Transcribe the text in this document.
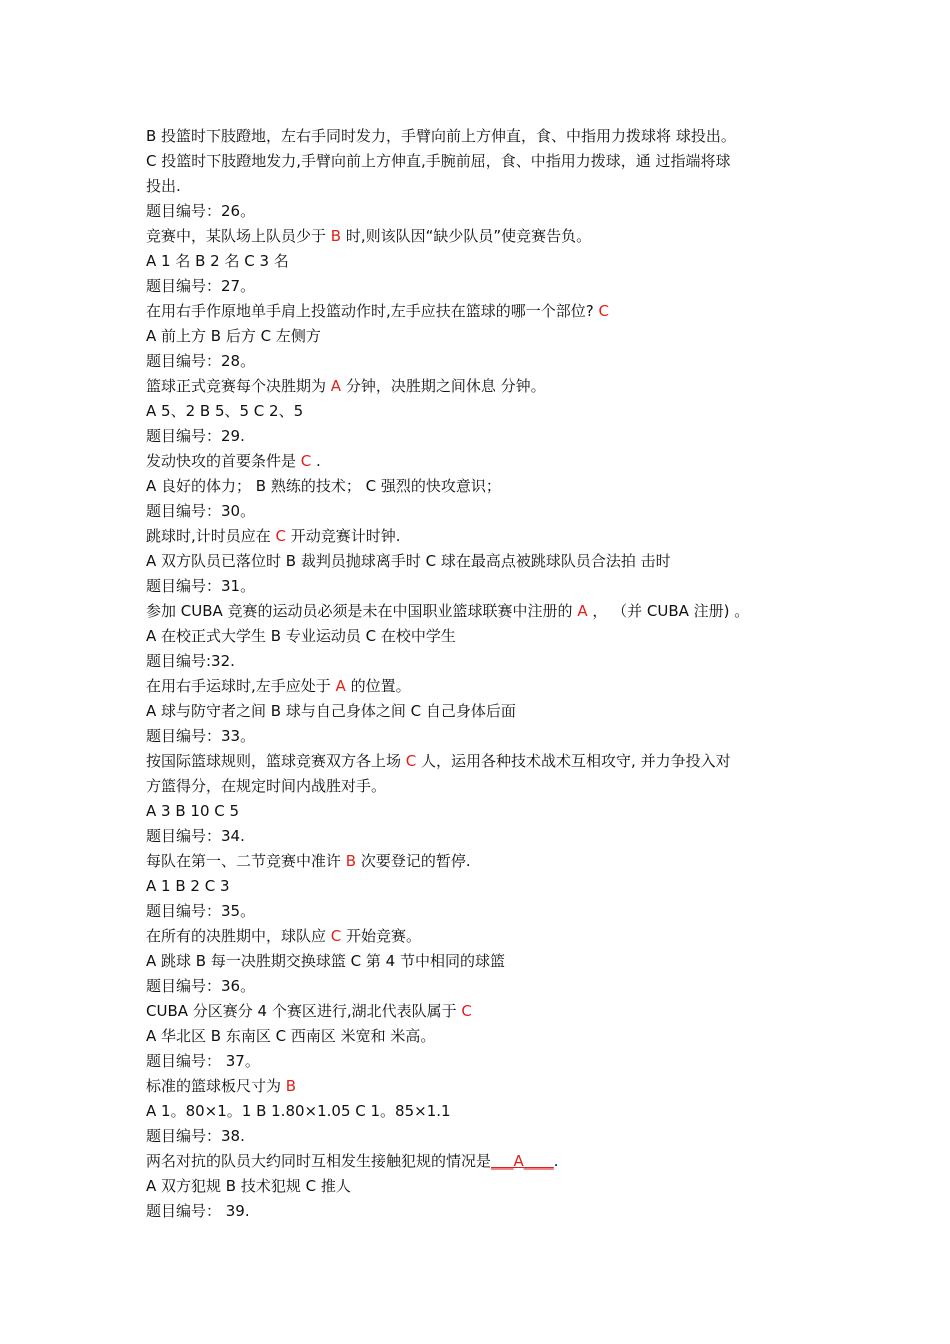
B 投篮时下肢蹬地，左右手同时发力，手臂向前上方伸直，食、中指用力拨球将 球投出。

C 投篮时下肢蹬地发力,手臂向前上方伸直,手腕前屈，食、中指用力拨球，通 过指端将球

投出.

题目编号：26。

竞赛中，某队场上队员少于 B 时,则该队因“缺少队员”使竞赛告负。

A 1 名 B 2 名 C 3 名

题目编号：27。

在用右手作原地单手肩上投篮动作时,左手应扶在篮球的哪一个部位? C

A 前上方 B 后方 C 左侧方

题目编号：28。

篮球正式竞赛每个决胜期为 A 分钟，决胜期之间休息 分钟。

A 5、2 B 5、5 C 2、5

题目编号：29.

发动快攻的首要条件是 C .

A 良好的体力； B 熟练的技术； C 强烈的快攻意识；

题目编号：30。

跳球时,计时员应在 C 开动竞赛计时钟.

A 双方队员已落位时 B 裁判员抛球离手时 C 球在最高点被跳球队员合法拍 击时

题目编号：31。

参加 CUBA 竞赛的运动员必须是未在中国职业篮球联赛中注册的 A ， （并 CUBA 注册) 。

A 在校正式大学生 B 专业运动员 C 在校中学生

题目编号:32.

在用右手运球时,左手应处于 A 的位置。

A 球与防守者之间 B 球与自己身体之间 C 自己身体后面

题目编号：33。

按国际篮球规则，篮球竞赛双方各上场 C 人，运用各种技术战术互相攻守, 并力争投入对

方篮得分，在规定时间内战胜对手。

A 3 B 10 C 5

题目编号：34.

每队在第一、二节竞赛中准许 B 次要登记的暂停.

A 1 B 2 C 3

题目编号：35。

在所有的决胜期中，球队应 C 开始竞赛。

A 跳球 B 每一决胜期交换球篮 C 第 4 节中相同的球篮

题目编号：36。

CUBA 分区赛分 4 个赛区进行,湖北代表队属于 C

A 华北区 B 东南区 C 西南区 米宽和 米高。

题目编号： 37。

标准的篮球板尺寸为 B

A 1。80×1。1 B 1.80×1.05 C 1。85×1.1

题目编号：38.

两名对抗的队员大约同时互相发生接触犯规的情况是___A____.

A 双方犯规 B 技术犯规 C 推人

题目编号： 39.
